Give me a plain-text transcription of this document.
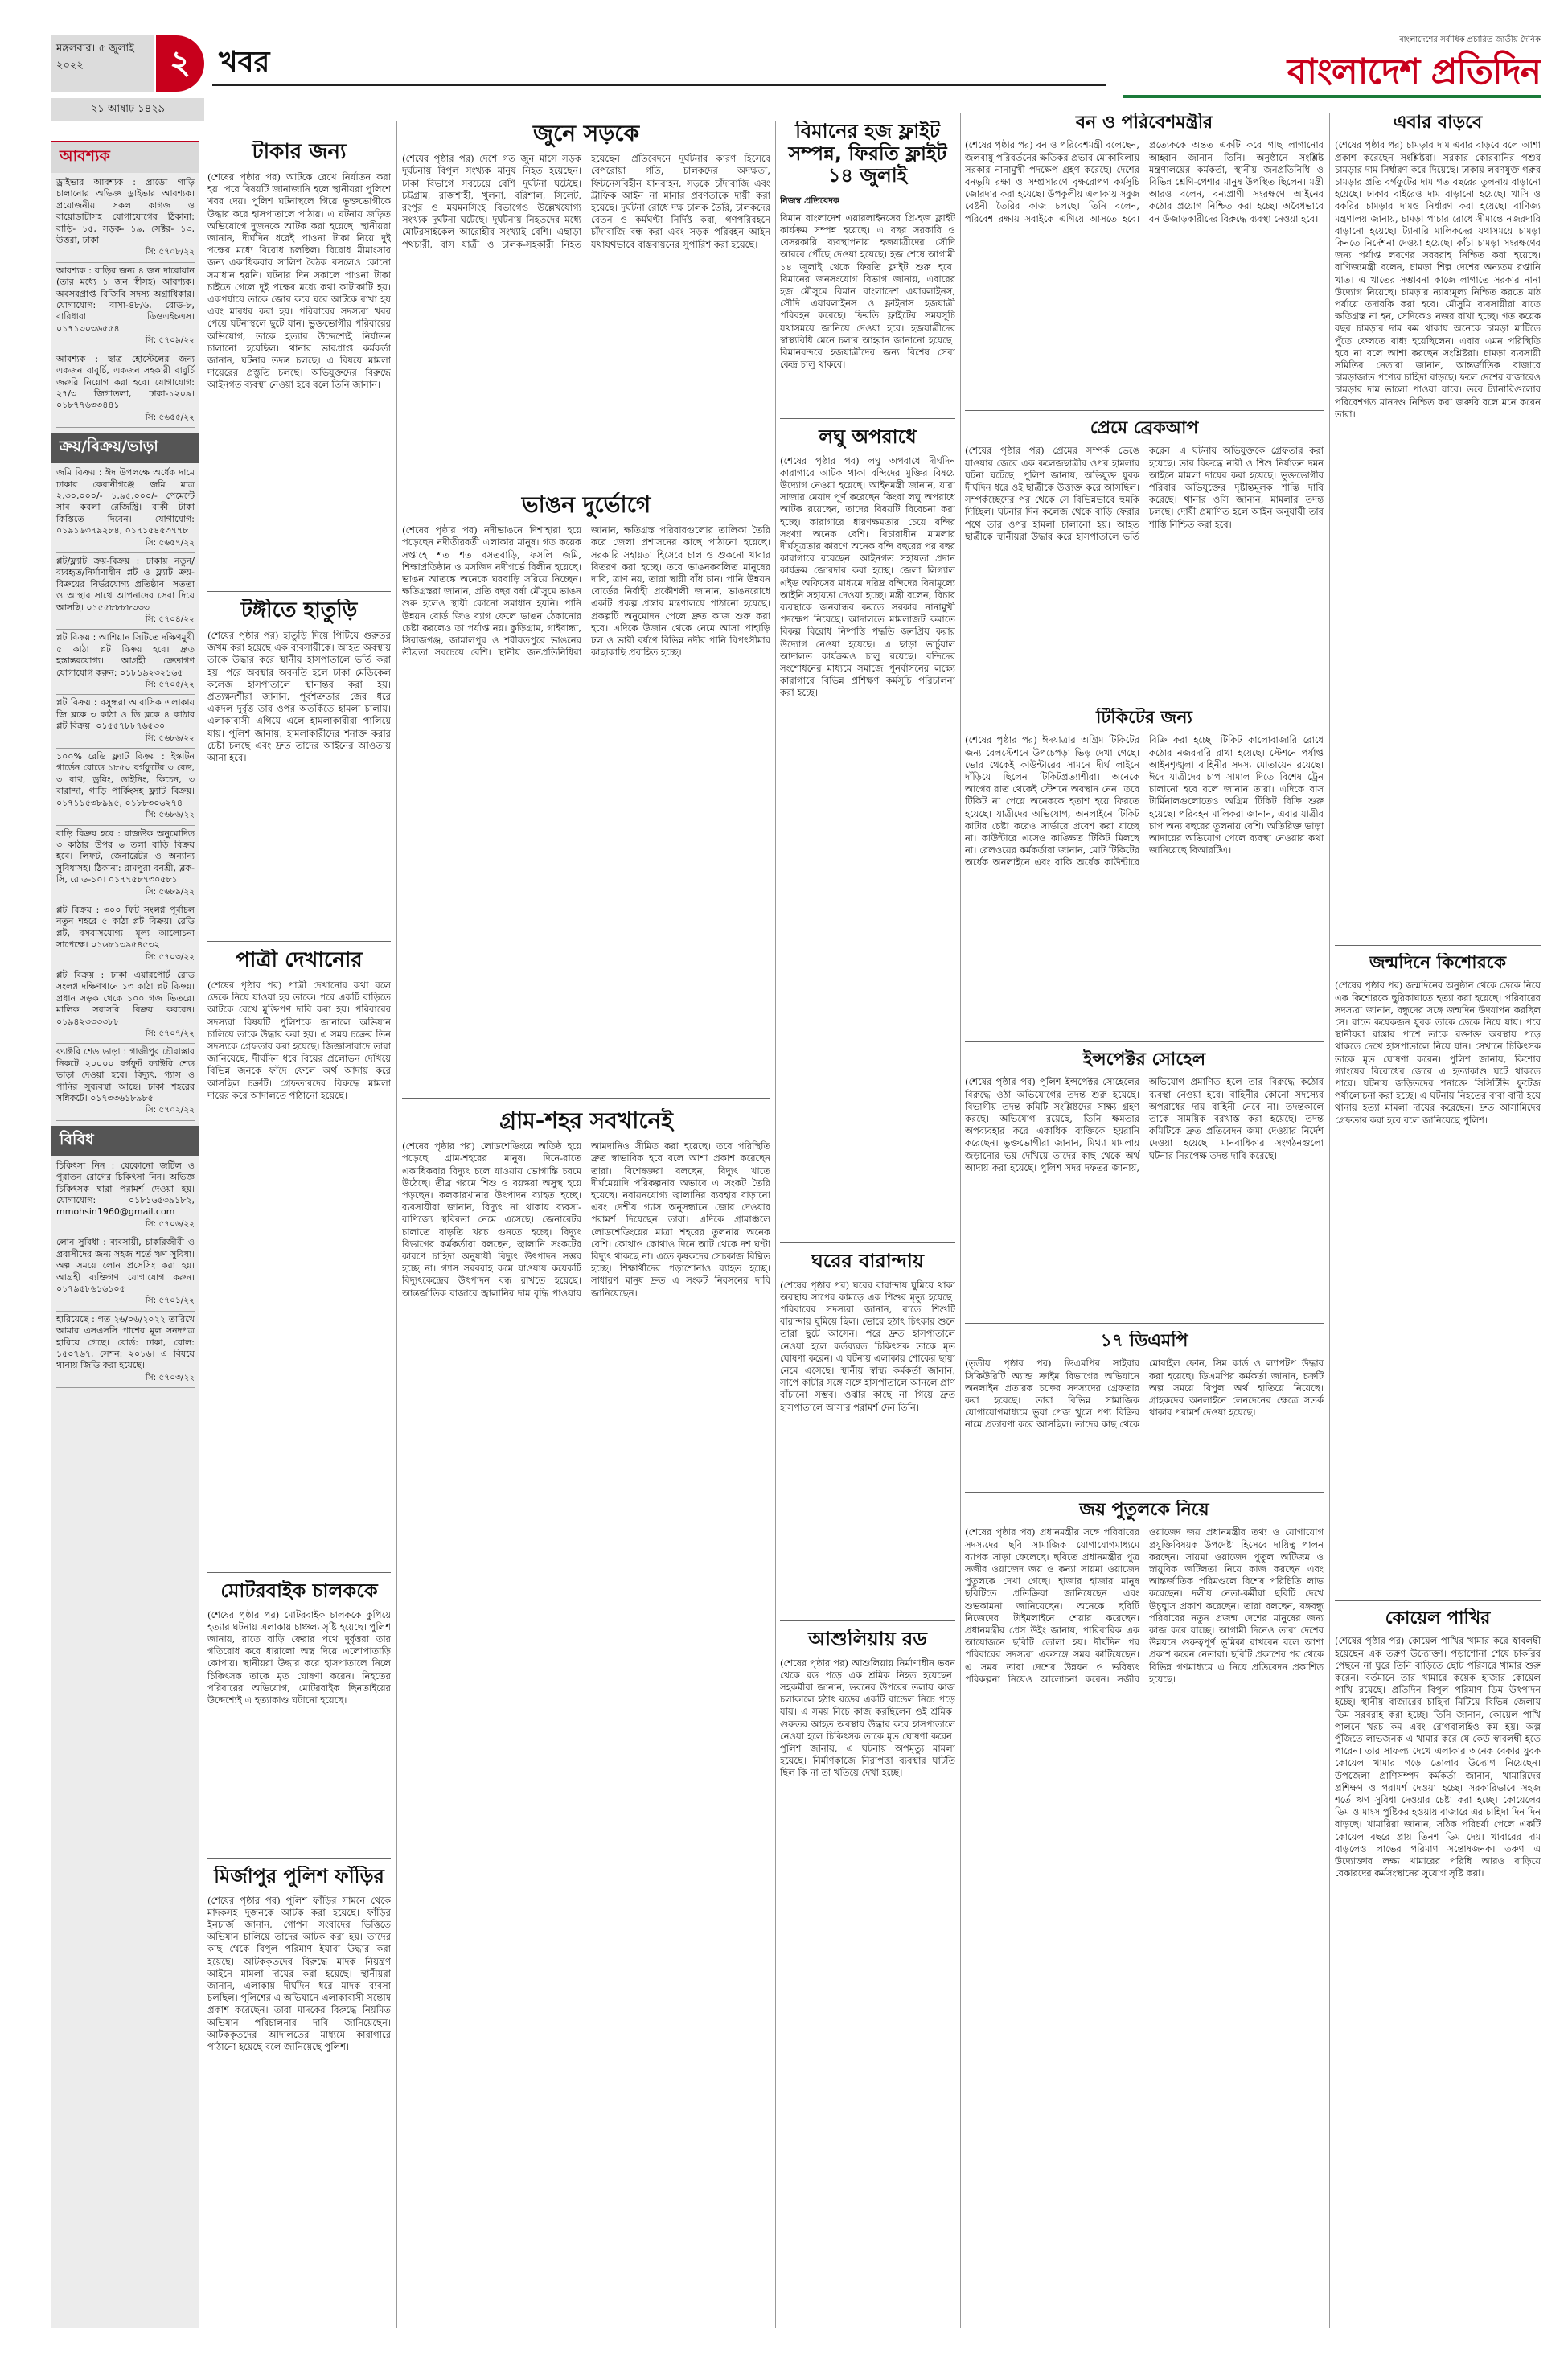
মঙ্গলবার। ৫ জুলাই ২০২২	২ খবর
২১ আষাঢ় ১৪২৯
বাংলাদেশের সর্বাধিক প্রচারিত জাতীয় দৈনিক
বাংলাদেশ প্রতিদিন
আবশ্যক

ড্রাইভার আবশ্যক : প্রাডো গাড়ি চালানোর অভিজ্ঞ ড্রাইভার আবশ্যক। প্রয়োজনীয় সকল কাগজ ও বায়োডাটাসহ যোগাযোগের ঠিকানা: বাড়ি- ১৫, সড়ক- ১৯, সেক্টর- ১৩, উত্তরা, ঢাকা।
সি: ৫৭০৮/২২

আবশ্যক : বাড়ির জন্য ৪ জন দারোয়ান (তার মধ্যে ১ জন স্বীসহ) আবশ্যক। অবসরপ্রাপ্ত বিজিবি সদস্য অগ্রাধিকার। যোগাযোগ: বাসা-৪৮/৬, রোড-৮, বারিধারা ডিওএইচএস। ০১৭১৩০৩৬৫৫৪
সি: ৫৭০৯/২২

আবশ্যক : ছাত্র হোস্টেলের জন্য একজন বাবুর্চি, একজন সহকারী বাবুর্চি জরুরি নিয়োগ করা হবে। যোগাযোগ: ২৭/৩ জিগাতলা, ঢাকা-১২০৯। ০১৮৭৭৬৩৩৪৪১
সি: ৫৬৫৫/২২

ক্রয়/বিক্রয়/ভাড়া

জমি বিক্রয় : ঈদ উপলক্ষে অর্ধেক দামে ঢাকার কেরানীগঞ্জে জমি মাত্র ২,৩০,০০০/- ১,৯৫,০০০/- পেমেন্টে সাব কবলা রেজিস্ট্রি। বাকী টাকা কিস্তিতে দিবেন। যোগাযোগ: ০১৯১৬৩৭৯২৮৪, ০১৭১৫৪৫৩৭৭৮
সি: ৫৬৫৭/২২

প্লট/ফ্ল্যাট ক্রয়-বিক্রয় : ঢাকায় নতুন/ব্যবহৃত/নির্মাণাধীন প্লট ও ফ্ল্যাট ক্রয়-বিক্রয়ের নির্ভরযোগ্য প্রতিষ্ঠান। সততা ও আস্থার সাথে আপনাদের সেবা দিয়ে আসছি। ০১৫৫৮৮৮৮৩৩৩
সি: ৫৭০৪/২২

প্লট বিক্রয় : আশিয়ান সিটিতে দক্ষিণমুখী ৫ কাঠা প্লট বিক্রয় হবে। দ্রুত হস্তান্তরযোগ্য। আগ্রহী ক্রেতাগণ যোগাযোগ করুন: ০১৮১৯২৩২১৬৫
সি: ৫৭০৫/২২

প্লট বিক্রয় : বসুন্ধরা আবাসিক এলাকায় জি ব্লকে ৩ কাঠা ও ডি ব্লকে ৪ কাঠার প্লট বিক্রয়। ০১৫৫৭৮৮৭৬৫৩০
সি: ৫৬৮৬/২২

১০০% রেডি ফ্ল্যাট বিক্রয় : ইস্কাটন গার্ডেন রোডে ১৮৫০ বর্গফুটের ৩ বেড, ৩ বাথ, ড্রয়িং, ডাইনিং, কিচেন, ৩ বারান্দা, গাড়ি পার্কিংসহ ফ্ল্যাট বিক্রয়। ০১৭১১৫৩৮৯৯৫, ০১৮৮৩০৬২৭৪
সি: ৫৬৮৬/২২

বাড়ি বিক্রয় হবে : রাজউক অনুমোদিত ৩ কাঠার উপর ৬ তলা বাড়ি বিক্রয় হবে। লিফট, জেনারেটর ও অন্যান্য সুবিধাসহ। ঠিকানা: রামপুরা বনশ্রী, ব্লক-সি, রোড-১০। ০১৭৭৫৮৭৩০৫৮১
সি: ৫৬৮৯/২২

প্লট বিক্রয় : ৩০০ ফিট সংলগ্ন পূর্বাচল নতুন শহরে ৫ কাঠা প্লট বিক্রয়। রেডি প্লট, বসবাসযোগ্য। মূল্য আলোচনা সাপেক্ষে। ০১৬৮১৩৯৫৪৫৩২
সি: ৫৭০৩/২২

প্লট বিক্রয় : ঢাকা এয়ারপোর্ট রোড সংলগ্ন দক্ষিণখানে ১৩ কাঠা প্লট বিক্রয়। প্রধান সড়ক থেকে ১০০ গজ ভিতরে। মালিক সরাসরি বিক্রয় করবেন। ০১৯৪২৩৩৩৩৮৮
সি: ৫৭০৭/২২

ফ্যাক্টরি শেড ভাড়া : গাজীপুর চৌরাস্তার নিকটে ২০০০০ বর্গফুট ফ্যাক্টরি শেড ভাড়া দেওয়া হবে। বিদ্যুৎ, গ্যাস ও পানির সুব্যবস্থা আছে। ঢাকা শহরের সন্নিকটে। ০১৭৩৩৬১৮৯৮৫
সি: ৫৭০২/২২

বিবিধ

চিকিৎসা নিন : যেকোনো জটিল ও পুরাতন রোগের চিকিৎসা নিন। অভিজ্ঞ চিকিৎসক দ্বারা পরামর্শ দেওয়া হয়। যোগাযোগ: ০১৮১৬৫৩৯১৮২, mmohsin1960@gmail.com
সি: ৫৭০৬/২২

লোন সুবিধা : ব্যবসায়ী, চাকরিজীবী ও প্রবাসীদের জন্য সহজ শর্তে ঋণ সুবিধা। অল্প সময়ে লোন প্রসেসিং করা হয়। আগ্রহী ব্যক্তিগণ যোগাযোগ করুন। ০১৭৯৫৮৬১৬১০৫
সি: ৫৭০১/২২

হারিয়েছে : গত ২৬/০৬/২০২২ তারিখে আমার এসএসসি পাশের মূল সনদপত্র হারিয়ে গেছে। বোর্ড: ঢাকা, রোল: ১৫০৭৬৭, সেশন: ২০১৬। এ বিষয়ে থানায় জিডি করা হয়েছে।
সি: ৫৭০৩/২২

টাকার জন্য

(শেষের পৃষ্ঠার পর) আটকে রেখে নির্যাতন করা হয়। পরে বিষয়টি জানাজানি হলে স্থানীয়রা পুলিশে খবর দেয়। পুলিশ ঘটনাস্থলে গিয়ে ভুক্তভোগীকে উদ্ধার করে হাসপাতালে পাঠায়। এ ঘটনায় জড়িত অভিযোগে দুজনকে আটক করা হয়েছে। স্থানীয়রা জানান, দীর্ঘদিন ধরেই পাওনা টাকা নিয়ে দুই পক্ষের মধ্যে বিরোধ চলছিল। বিরোধ মীমাংসার জন্য একাধিকবার সালিশ বৈঠক বসলেও কোনো সমাধান হয়নি। ঘটনার দিন সকালে পাওনা টাকা চাইতে গেলে দুই পক্ষের মধ্যে কথা কাটাকাটি হয়। একপর্যায়ে তাকে জোর করে ঘরে আটকে রাখা হয় এবং মারধর করা হয়। পরিবারের সদস্যরা খবর পেয়ে ঘটনাস্থলে ছুটে যান। ভুক্তভোগীর পরিবারের অভিযোগ, তাকে হত্যার উদ্দেশ্যেই নির্যাতন চালানো হয়েছিল। থানার ভারপ্রাপ্ত কর্মকর্তা জানান, ঘটনার তদন্ত চলছে। এ বিষয়ে মামলা দায়েরের প্রস্তুতি চলছে। অভিযুক্তদের বিরুদ্ধে আইনগত ব্যবস্থা নেওয়া হবে বলে তিনি জানান।

টঙ্গীতে হাতুড়ি

(শেষের পৃষ্ঠার পর) হাতুড়ি দিয়ে পিটিয়ে গুরুতর জখম করা হয়েছে এক ব্যবসায়ীকে। আহত অবস্থায় তাকে উদ্ধার করে স্থানীয় হাসপাতালে ভর্তি করা হয়। পরে অবস্থার অবনতি হলে ঢাকা মেডিকেল কলেজ হাসপাতালে স্থানান্তর করা হয়। প্রত্যক্ষদর্শীরা জানান, পূর্বশত্রুতার জের ধরে একদল দুর্বৃত্ত তার ওপর অতর্কিতে হামলা চালায়। এলাকাবাসী এগিয়ে এলে হামলাকারীরা পালিয়ে যায়। পুলিশ জানায়, হামলাকারীদের শনাক্ত করার চেষ্টা চলছে এবং দ্রুত তাদের আইনের আওতায় আনা হবে।

পাত্রী দেখানোর

(শেষের পৃষ্ঠার পর) পাত্রী দেখানোর কথা বলে ডেকে নিয়ে যাওয়া হয় তাকে। পরে একটি বাড়িতে আটকে রেখে মুক্তিপণ দাবি করা হয়। পরিবারের সদস্যরা বিষয়টি পুলিশকে জানালে অভিযান চালিয়ে তাকে উদ্ধার করা হয়। এ সময় চক্রের তিন সদস্যকে গ্রেফতার করা হয়েছে। জিজ্ঞাসাবাদে তারা জানিয়েছে, দীর্ঘদিন ধরে বিয়ের প্রলোভন দেখিয়ে বিভিন্ন জনকে ফাঁদে ফেলে অর্থ আদায় করে আসছিল চক্রটি। গ্রেফতারদের বিরুদ্ধে মামলা দায়ের করে আদালতে পাঠানো হয়েছে।

মোটরবাইক চালককে

(শেষের পৃষ্ঠার পর) মোটরবাইক চালককে কুপিয়ে হত্যার ঘটনায় এলাকায় চাঞ্চল্য সৃষ্টি হয়েছে। পুলিশ জানায়, রাতে বাড়ি ফেরার পথে দুর্বৃত্তরা তার গতিরোধ করে ধারালো অস্ত্র দিয়ে এলোপাতাড়ি কোপায়। স্থানীয়রা উদ্ধার করে হাসপাতালে নিলে চিকিৎসক তাকে মৃত ঘোষণা করেন। নিহতের পরিবারের অভিযোগ, মোটরবাইক ছিনতাইয়ের উদ্দেশ্যেই এ হত্যাকাণ্ড ঘটানো হয়েছে।

মির্জাপুর পুলিশ ফাঁড়ির

(শেষের পৃষ্ঠার পর) পুলিশ ফাঁড়ির সামনে থেকে মাদকসহ দুজনকে আটক করা হয়েছে। ফাঁড়ির ইনচার্জ জানান, গোপন সংবাদের ভিত্তিতে অভিযান চালিয়ে তাদের আটক করা হয়। তাদের কাছ থেকে বিপুল পরিমাণ ইয়াবা উদ্ধার করা হয়েছে। আটককৃতদের বিরুদ্ধে মাদক নিয়ন্ত্রণ আইনে মামলা দায়ের করা হয়েছে। স্থানীয়রা জানান, এলাকায় দীর্ঘদিন ধরে মাদক ব্যবসা চলছিল। পুলিশের এ অভিযানে এলাকাবাসী সন্তোষ প্রকাশ করেছেন। তারা মাদকের বিরুদ্ধে নিয়মিত অভিযান পরিচালনার দাবি জানিয়েছেন। আটককৃতদের আদালতের মাধ্যমে কারাগারে পাঠানো হয়েছে বলে জানিয়েছে পুলিশ।

জুনে সড়কে

(শেষের পৃষ্ঠার পর) দেশে গত জুন মাসে সড়ক দুর্ঘটনায় বিপুল সংখ্যক মানুষ নিহত হয়েছেন। ঢাকা বিভাগে সবচেয়ে বেশি দুর্ঘটনা ঘটেছে। চট্টগ্রাম, রাজশাহী, খুলনা, বরিশাল, সিলেট, রংপুর ও ময়মনসিংহ বিভাগেও উল্লেখযোগ্য সংখ্যক দুর্ঘটনা ঘটেছে। দুর্ঘটনায় নিহতদের মধ্যে মোটরসাইকেল আরোহীর সংখ্যাই বেশি। এছাড়া পথচারী, বাস যাত্রী ও চালক-সহকারী নিহত হয়েছেন। প্রতিবেদনে দুর্ঘটনার কারণ হিসেবে বেপরোয়া গতি, চালকদের অদক্ষতা, ফিটনেসবিহীন যানবাহন, সড়কে চাঁদাবাজি এবং ট্রাফিক আইন না মানার প্রবণতাকে দায়ী করা হয়েছে। দুর্ঘটনা রোধে দক্ষ চালক তৈরি, চালকদের বেতন ও কর্মঘণ্টা নির্দিষ্ট করা, গণপরিবহনে চাঁদাবাজি বন্ধ করা এবং সড়ক পরিবহন আইন যথাযথভাবে বাস্তবায়নের সুপারিশ করা হয়েছে।

ভাঙন দুর্ভোগে

(শেষের পৃষ্ঠার পর) নদীভাঙনে দিশাহারা হয়ে পড়েছেন নদীতীরবর্তী এলাকার মানুষ। গত কয়েক সপ্তাহে শত শত বসতবাড়ি, ফসলি জমি, শিক্ষাপ্রতিষ্ঠান ও মসজিদ নদীগর্ভে বিলীন হয়েছে। ভাঙন আতঙ্কে অনেকে ঘরবাড়ি সরিয়ে নিচ্ছেন। ক্ষতিগ্রস্তরা জানান, প্রতি বছর বর্ষা মৌসুমে ভাঙন শুরু হলেও স্থায়ী কোনো সমাধান হয়নি। পানি উন্নয়ন বোর্ড জিও ব্যাগ ফেলে ভাঙন ঠেকানোর চেষ্টা করলেও তা পর্যাপ্ত নয়। কুড়িগ্রাম, গাইবান্ধা, সিরাজগঞ্জ, জামালপুর ও শরীয়তপুরে ভাঙনের তীব্রতা সবচেয়ে বেশি। স্থানীয় জনপ্রতিনিধিরা জানান, ক্ষতিগ্রস্ত পরিবারগুলোর তালিকা তৈরি করে জেলা প্রশাসনের কাছে পাঠানো হয়েছে। সরকারি সহায়তা হিসেবে চাল ও শুকনো খাবার বিতরণ করা হচ্ছে। তবে ভাঙনকবলিত মানুষের দাবি, ত্রাণ নয়, তারা স্থায়ী বাঁধ চান। পানি উন্নয়ন বোর্ডের নির্বাহী প্রকৌশলী জানান, ভাঙনরোধে একটি প্রকল্প প্রস্তাব মন্ত্রণালয়ে পাঠানো হয়েছে। প্রকল্পটি অনুমোদন পেলে দ্রুত কাজ শুরু করা হবে। এদিকে উজান থেকে নেমে আসা পাহাড়ি ঢল ও ভারী বর্ষণে বিভিন্ন নদীর পানি বিপৎসীমার কাছাকাছি প্রবাহিত হচ্ছে।

গ্রাম-শহর সবখানেই

(শেষের পৃষ্ঠার পর) লোডশেডিংয়ে অতিষ্ঠ হয়ে পড়েছে গ্রাম-শহরের মানুষ। দিনে-রাতে একাধিকবার বিদ্যুৎ চলে যাওয়ায় ভোগান্তি চরমে উঠেছে। তীব্র গরমে শিশু ও বয়স্করা অসুস্থ হয়ে পড়ছেন। কলকারখানার উৎপাদন ব্যাহত হচ্ছে। ব্যবসায়ীরা জানান, বিদ্যুৎ না থাকায় ব্যবসা-বাণিজ্যে স্থবিরতা নেমে এসেছে। জেনারেটর চালাতে বাড়তি খরচ গুনতে হচ্ছে। বিদ্যুৎ বিভাগের কর্মকর্তারা বলছেন, জ্বালানি সংকটের কারণে চাহিদা অনুযায়ী বিদ্যুৎ উৎপাদন সম্ভব হচ্ছে না। গ্যাস সরবরাহ কমে যাওয়ায় কয়েকটি বিদ্যুৎকেন্দ্রের উৎপাদন বন্ধ রাখতে হয়েছে। আন্তর্জাতিক বাজারে জ্বালানির দাম বৃদ্ধি পাওয়ায় আমদানিও সীমিত করা হয়েছে। তবে পরিস্থিতি দ্রুত স্বাভাবিক হবে বলে আশা প্রকাশ করেছেন তারা। বিশেষজ্ঞরা বলছেন, বিদ্যুৎ খাতে দীর্ঘমেয়াদি পরিকল্পনার অভাবে এ সংকট তৈরি হয়েছে। নবায়নযোগ্য জ্বালানির ব্যবহার বাড়ানো এবং দেশীয় গ্যাস অনুসন্ধানে জোর দেওয়ার পরামর্শ দিয়েছেন তারা। এদিকে গ্রামাঞ্চলে লোডশেডিংয়ের মাত্রা শহরের তুলনায় অনেক বেশি। কোথাও কোথাও দিনে আট থেকে দশ ঘণ্টা বিদ্যুৎ থাকছে না। এতে কৃষকদের সেচকাজ বিঘ্নিত হচ্ছে। শিক্ষার্থীদের পড়াশোনাও ব্যাহত হচ্ছে। সাধারণ মানুষ দ্রুত এ সংকট নিরসনের দাবি জানিয়েছেন।

বিমানের হজ ফ্লাইট সম্পন্ন, ফিরতি ফ্লাইট ১৪ জুলাই
নিজস্ব প্রতিবেদক

বিমান বাংলাদেশ এয়ারলাইনসের প্রি-হজ ফ্লাইট কার্যক্রম সম্পন্ন হয়েছে। এ বছর সরকারি ও বেসরকারি ব্যবস্থাপনায় হজযাত্রীদের সৌদি আরবে পৌঁছে দেওয়া হয়েছে। হজ শেষে আগামী ১৪ জুলাই থেকে ফিরতি ফ্লাইট শুরু হবে। বিমানের জনসংযোগ বিভাগ জানায়, এবারের হজ মৌসুমে বিমান বাংলাদেশ এয়ারলাইনস, সৌদি এয়ারলাইনস ও ফ্লাইনাস হজযাত্রী পরিবহন করেছে। ফিরতি ফ্লাইটের সময়সূচি যথাসময়ে জানিয়ে দেওয়া হবে। হজযাত্রীদের স্বাস্থ্যবিধি মেনে চলার আহ্বান জানানো হয়েছে। বিমানবন্দরে হজযাত্রীদের জন্য বিশেষ সেবা কেন্দ্র চালু থাকবে।

লঘু অপরাধে

(শেষের পৃষ্ঠার পর) লঘু অপরাধে দীর্ঘদিন কারাগারে আটক থাকা বন্দিদের মুক্তির বিষয়ে উদ্যোগ নেওয়া হয়েছে। আইনমন্ত্রী জানান, যারা সাজার মেয়াদ পূর্ণ করেছেন কিংবা লঘু অপরাধে আটক রয়েছেন, তাদের বিষয়টি বিবেচনা করা হচ্ছে। কারাগারে ধারণক্ষমতার চেয়ে বন্দির সংখ্যা অনেক বেশি। বিচারাধীন মামলার দীর্ঘসূত্রতার কারণে অনেক বন্দি বছরের পর বছর কারাগারে রয়েছেন। আইনগত সহায়তা প্রদান কার্যক্রম জোরদার করা হচ্ছে। জেলা লিগ্যাল এইড অফিসের মাধ্যমে দরিদ্র বন্দিদের বিনামূল্যে আইনি সহায়তা দেওয়া হচ্ছে। মন্ত্রী বলেন, বিচার ব্যবস্থাকে জনবান্ধব করতে সরকার নানামুখী পদক্ষেপ নিয়েছে। আদালতে মামলাজট কমাতে বিকল্প বিরোধ নিষ্পত্তি পদ্ধতি জনপ্রিয় করার উদ্যোগ নেওয়া হয়েছে। এ ছাড়া ভার্চুয়াল আদালত কার্যক্রমও চালু রয়েছে। বন্দিদের সংশোধনের মাধ্যমে সমাজে পুনর্বাসনের লক্ষ্যে কারাগারে বিভিন্ন প্রশিক্ষণ কর্মসূচি পরিচালনা করা হচ্ছে।

ঘরের বারান্দায়

(শেষের পৃষ্ঠার পর) ঘরের বারান্দায় ঘুমিয়ে থাকা অবস্থায় সাপের কামড়ে এক শিশুর মৃত্যু হয়েছে। পরিবারের সদস্যরা জানান, রাতে শিশুটি বারান্দায় ঘুমিয়ে ছিল। ভোরে হঠাৎ চিৎকার শুনে তারা ছুটে আসেন। পরে দ্রুত হাসপাতালে নেওয়া হলে কর্তব্যরত চিকিৎসক তাকে মৃত ঘোষণা করেন। এ ঘটনায় এলাকায় শোকের ছায়া নেমে এসেছে। স্থানীয় স্বাস্থ্য কর্মকর্তা জানান, সাপে কাটার সঙ্গে সঙ্গে হাসপাতালে আনলে প্রাণ বাঁচানো সম্ভব। ওঝার কাছে না গিয়ে দ্রুত হাসপাতালে আসার পরামর্শ দেন তিনি।

আশুলিয়ায় রড

(শেষের পৃষ্ঠার পর) আশুলিয়ায় নির্মাণাধীন ভবন থেকে রড পড়ে এক শ্রমিক নিহত হয়েছেন। সহকর্মীরা জানান, ভবনের উপরের তলায় কাজ চলাকালে হঠাৎ রডের একটি বান্ডেল নিচে পড়ে যায়। এ সময় নিচে কাজ করছিলেন ওই শ্রমিক। গুরুতর আহত অবস্থায় উদ্ধার করে হাসপাতালে নেওয়া হলে চিকিৎসক তাকে মৃত ঘোষণা করেন। পুলিশ জানায়, এ ঘটনায় অপমৃত্যু মামলা হয়েছে। নির্মাণকাজে নিরাপত্তা ব্যবস্থার ঘাটতি ছিল কি না তা খতিয়ে দেখা হচ্ছে।

বন ও পরিবেশমন্ত্রীর

(শেষের পৃষ্ঠার পর) বন ও পরিবেশমন্ত্রী বলেছেন, জলবায়ু পরিবর্তনের ক্ষতিকর প্রভাব মোকাবিলায় সরকার নানামুখী পদক্ষেপ গ্রহণ করেছে। দেশের বনভূমি রক্ষা ও সম্প্রসারণে বৃক্ষরোপণ কর্মসূচি জোরদার করা হয়েছে। উপকূলীয় এলাকায় সবুজ বেষ্টনী তৈরির কাজ চলছে। তিনি বলেন, পরিবেশ রক্ষায় সবাইকে এগিয়ে আসতে হবে। প্রত্যেককে অন্তত একটি করে গাছ লাগানোর আহ্বান জানান তিনি। অনুষ্ঠানে সংশ্লিষ্ট মন্ত্রণালয়ের কর্মকর্তা, স্থানীয় জনপ্রতিনিধি ও বিভিন্ন শ্রেণি-পেশার মানুষ উপস্থিত ছিলেন। মন্ত্রী আরও বলেন, বন্যপ্রাণী সংরক্ষণে আইনের কঠোর প্রয়োগ নিশ্চিত করা হচ্ছে। অবৈধভাবে বন উজাড়কারীদের বিরুদ্ধে ব্যবস্থা নেওয়া হবে।

প্রেমে ব্রেকআপ

(শেষের পৃষ্ঠার পর) প্রেমের সম্পর্ক ভেঙে যাওয়ার জেরে এক কলেজছাত্রীর ওপর হামলার ঘটনা ঘটেছে। পুলিশ জানায়, অভিযুক্ত যুবক দীর্ঘদিন ধরে ওই ছাত্রীকে উত্ত্যক্ত করে আসছিল। সম্পর্কচ্ছেদের পর থেকে সে বিভিন্নভাবে হুমকি দিচ্ছিল। ঘটনার দিন কলেজ থেকে বাড়ি ফেরার পথে তার ওপর হামলা চালানো হয়। আহত ছাত্রীকে স্থানীয়রা উদ্ধার করে হাসপাতালে ভর্তি করেন। এ ঘটনায় অভিযুক্তকে গ্রেফতার করা হয়েছে। তার বিরুদ্ধে নারী ও শিশু নির্যাতন দমন আইনে মামলা দায়ের করা হয়েছে। ভুক্তভোগীর পরিবার অভিযুক্তের দৃষ্টান্তমূলক শাস্তি দাবি করেছে। থানার ওসি জানান, মামলার তদন্ত চলছে। দোষী প্রমাণিত হলে আইন অনুযায়ী তার শাস্তি নিশ্চিত করা হবে।

টিকিটের জন্য

(শেষের পৃষ্ঠার পর) ঈদযাত্রার অগ্রিম টিকিটের জন্য রেলস্টেশনে উপচেপড়া ভিড় দেখা গেছে। ভোর থেকেই কাউন্টারের সামনে দীর্ঘ লাইনে দাঁড়িয়ে ছিলেন টিকিটপ্রত্যাশীরা। অনেকে আগের রাত থেকেই স্টেশনে অবস্থান নেন। তবে টিকিট না পেয়ে অনেককে হতাশ হয়ে ফিরতে হয়েছে। যাত্রীদের অভিযোগ, অনলাইনে টিকিট কাটার চেষ্টা করেও সার্ভারে প্রবেশ করা যাচ্ছে না। কাউন্টারে এসেও কাঙ্ক্ষিত টিকিট মিলছে না। রেলওয়ের কর্মকর্তারা জানান, মোট টিকিটের অর্ধেক অনলাইনে এবং বাকি অর্ধেক কাউন্টারে বিক্রি করা হচ্ছে। টিকিট কালোবাজারি রোধে কঠোর নজরদারি রাখা হয়েছে। স্টেশনে পর্যাপ্ত আইনশৃঙ্খলা বাহিনীর সদস্য মোতায়েন রয়েছে। ঈদে যাত্রীদের চাপ সামাল দিতে বিশেষ ট্রেন চালানো হবে বলে জানান তারা। এদিকে বাস টার্মিনালগুলোতেও অগ্রিম টিকিট বিক্রি শুরু হয়েছে। পরিবহন মালিকরা জানান, এবার যাত্রীর চাপ অন্য বছরের তুলনায় বেশি। অতিরিক্ত ভাড়া আদায়ের অভিযোগ পেলে ব্যবস্থা নেওয়ার কথা জানিয়েছে বিআরটিএ।

ইন্সপেক্টর সোহেল

(শেষের পৃষ্ঠার পর) পুলিশ ইন্সপেক্টর সোহেলের বিরুদ্ধে ওঠা অভিযোগের তদন্ত শুরু হয়েছে। বিভাগীয় তদন্ত কমিটি সংশ্লিষ্টদের সাক্ষ্য গ্রহণ করছে। অভিযোগ রয়েছে, তিনি ক্ষমতার অপব্যবহার করে একাধিক ব্যক্তিকে হয়রানি করেছেন। ভুক্তভোগীরা জানান, মিথ্যা মামলায় জড়ানোর ভয় দেখিয়ে তাদের কাছ থেকে অর্থ আদায় করা হয়েছে। পুলিশ সদর দফতর জানায়, অভিযোগ প্রমাণিত হলে তার বিরুদ্ধে কঠোর ব্যবস্থা নেওয়া হবে। বাহিনীর কোনো সদস্যের অপরাধের দায় বাহিনী নেবে না। তদন্তকালে তাকে সাময়িক বরখাস্ত করা হয়েছে। তদন্ত কমিটিকে দ্রুত প্রতিবেদন জমা দেওয়ার নির্দেশ দেওয়া হয়েছে। মানবাধিকার সংগঠনগুলো ঘটনার নিরপেক্ষ তদন্ত দাবি করেছে।

১৭ ডিএমপি

(তৃতীয় পৃষ্ঠার পর) ডিএমপির সাইবার সিকিউরিটি অ্যান্ড ক্রাইম বিভাগের অভিযানে অনলাইন প্রতারক চক্রের সদস্যদের গ্রেফতার করা হয়েছে। তারা বিভিন্ন সামাজিক যোগাযোগমাধ্যমে ভুয়া পেজ খুলে পণ্য বিক্রির নামে প্রতারণা করে আসছিল। তাদের কাছ থেকে মোবাইল ফোন, সিম কার্ড ও ল্যাপটপ উদ্ধার করা হয়েছে। ডিএমপির কর্মকর্তা জানান, চক্রটি অল্প সময়ে বিপুল অর্থ হাতিয়ে নিয়েছে। গ্রাহকদের অনলাইনে লেনদেনের ক্ষেত্রে সতর্ক থাকার পরামর্শ দেওয়া হয়েছে।

জয় পুতুলকে নিয়ে

(শেষের পৃষ্ঠার পর) প্রধানমন্ত্রীর সঙ্গে পরিবারের সদস্যদের ছবি সামাজিক যোগাযোগমাধ্যমে ব্যাপক সাড়া ফেলেছে। ছবিতে প্রধানমন্ত্রীর পুত্র সজীব ওয়াজেদ জয় ও কন্যা সায়মা ওয়াজেদ পুতুলকে দেখা গেছে। হাজার হাজার মানুষ ছবিটিতে প্রতিক্রিয়া জানিয়েছেন এবং শুভকামনা জানিয়েছেন। অনেকে ছবিটি নিজেদের টাইমলাইনে শেয়ার করেছেন। প্রধানমন্ত্রীর প্রেস উইং জানায়, পারিবারিক এক আয়োজনে ছবিটি তোলা হয়। দীর্ঘদিন পর পরিবারের সদস্যরা একসঙ্গে সময় কাটিয়েছেন। এ সময় তারা দেশের উন্নয়ন ও ভবিষ্যৎ পরিকল্পনা নিয়েও আলোচনা করেন। সজীব ওয়াজেদ জয় প্রধানমন্ত্রীর তথ্য ও যোগাযোগ প্রযুক্তিবিষয়ক উপদেষ্টা হিসেবে দায়িত্ব পালন করছেন। সায়মা ওয়াজেদ পুতুল অটিজম ও স্নায়ুবিক জটিলতা নিয়ে কাজ করছেন এবং আন্তর্জাতিক পরিমণ্ডলে বিশেষ পরিচিতি লাভ করেছেন। দলীয় নেতা-কর্মীরা ছবিটি দেখে উচ্ছ্বাস প্রকাশ করেছেন। তারা বলছেন, বঙ্গবন্ধু পরিবারের নতুন প্রজন্ম দেশের মানুষের জন্য কাজ করে যাচ্ছে। আগামী দিনেও তারা দেশের উন্নয়নে গুরুত্বপূর্ণ ভূমিকা রাখবেন বলে আশা প্রকাশ করেন নেতারা। ছবিটি প্রকাশের পর থেকে বিভিন্ন গণমাধ্যমে এ নিয়ে প্রতিবেদন প্রকাশিত হয়েছে।

এবার বাড়বে

(শেষের পৃষ্ঠার পর) চামড়ার দাম এবার বাড়বে বলে আশা প্রকাশ করেছেন সংশ্লিষ্টরা। সরকার কোরবানির পশুর চামড়ার দাম নির্ধারণ করে দিয়েছে। ঢাকায় লবণযুক্ত গরুর চামড়ার প্রতি বর্গফুটের দাম গত বছরের তুলনায় বাড়ানো হয়েছে। ঢাকার বাইরেও দাম বাড়ানো হয়েছে। খাসি ও বকরির চামড়ার দামও নির্ধারণ করা হয়েছে। বাণিজ্য মন্ত্রণালয় জানায়, চামড়া পাচার রোধে সীমান্তে নজরদারি বাড়ানো হয়েছে। ট্যানারি মালিকদের যথাসময়ে চামড়া কিনতে নির্দেশনা দেওয়া হয়েছে। কাঁচা চামড়া সংরক্ষণের জন্য পর্যাপ্ত লবণের সরবরাহ নিশ্চিত করা হয়েছে। বাণিজ্যমন্ত্রী বলেন, চামড়া শিল্প দেশের অন্যতম রপ্তানি খাত। এ খাতের সম্ভাবনা কাজে লাগাতে সরকার নানা উদ্যোগ নিয়েছে। চামড়ার ন্যায্যমূল্য নিশ্চিত করতে মাঠ পর্যায়ে তদারকি করা হবে। মৌসুমি ব্যবসায়ীরা যাতে ক্ষতিগ্রস্ত না হন, সেদিকেও নজর রাখা হচ্ছে। গত কয়েক বছর চামড়ার দাম কম থাকায় অনেকে চামড়া মাটিতে পুঁতে ফেলতে বাধ্য হয়েছিলেন। এবার এমন পরিস্থিতি হবে না বলে আশা করছেন সংশ্লিষ্টরা। চামড়া ব্যবসায়ী সমিতির নেতারা জানান, আন্তর্জাতিক বাজারে চামড়াজাত পণ্যের চাহিদা বাড়ছে। ফলে দেশের বাজারেও চামড়ার দাম ভালো পাওয়া যাবে। তবে ট্যানারিগুলোর পরিবেশগত মানদণ্ড নিশ্চিত করা জরুরি বলে মনে করেন তারা।

জন্মদিনে কিশোরকে

(শেষের পৃষ্ঠার পর) জন্মদিনের অনুষ্ঠান থেকে ডেকে নিয়ে এক কিশোরকে ছুরিকাঘাতে হত্যা করা হয়েছে। পরিবারের সদস্যরা জানান, বন্ধুদের সঙ্গে জন্মদিন উদযাপন করছিল সে। রাতে কয়েকজন যুবক তাকে ডেকে নিয়ে যায়। পরে স্থানীয়রা রাস্তার পাশে তাকে রক্তাক্ত অবস্থায় পড়ে থাকতে দেখে হাসপাতালে নিয়ে যান। সেখানে চিকিৎসক তাকে মৃত ঘোষণা করেন। পুলিশ জানায়, কিশোর গ্যাংয়ের বিরোধের জেরে এ হত্যাকাণ্ড ঘটে থাকতে পারে। ঘটনায় জড়িতদের শনাক্তে সিসিটিভি ফুটেজ পর্যালোচনা করা হচ্ছে। এ ঘটনায় নিহতের বাবা বাদী হয়ে থানায় হত্যা মামলা দায়ের করেছেন। দ্রুত আসামিদের গ্রেফতার করা হবে বলে জানিয়েছে পুলিশ।

কোয়েল পাখির

(শেষের পৃষ্ঠার পর) কোয়েল পাখির খামার করে স্বাবলম্বী হয়েছেন এক তরুণ উদ্যোক্তা। পড়াশোনা শেষে চাকরির পেছনে না ঘুরে তিনি বাড়িতে ছোট পরিসরে খামার শুরু করেন। বর্তমানে তার খামারে কয়েক হাজার কোয়েল পাখি রয়েছে। প্রতিদিন বিপুল পরিমাণ ডিম উৎপাদন হচ্ছে। স্থানীয় বাজারের চাহিদা মিটিয়ে বিভিন্ন জেলায় ডিম সরবরাহ করা হচ্ছে। তিনি জানান, কোয়েল পাখি পালনে খরচ কম এবং রোগবালাইও কম হয়। অল্প পুঁজিতে লাভজনক এ খামার করে যে কেউ স্বাবলম্বী হতে পারেন। তার সাফল্য দেখে এলাকার অনেক বেকার যুবক কোয়েল খামার গড়ে তোলার উদ্যোগ নিয়েছেন। উপজেলা প্রাণিসম্পদ কর্মকর্তা জানান, খামারিদের প্রশিক্ষণ ও পরামর্শ দেওয়া হচ্ছে। সরকারিভাবে সহজ শর্তে ঋণ সুবিধা দেওয়ার চেষ্টা করা হচ্ছে। কোয়েলের ডিম ও মাংস পুষ্টিকর হওয়ায় বাজারে এর চাহিদা দিন দিন বাড়ছে। খামারিরা জানান, সঠিক পরিচর্যা পেলে একটি কোয়েল বছরে প্রায় তিনশ ডিম দেয়। খাবারের দাম বাড়লেও লাভের পরিমাণ সন্তোষজনক। তরুণ এ উদ্যোক্তার লক্ষ্য খামারের পরিধি আরও বাড়িয়ে বেকারদের কর্মসংস্থানের সুযোগ সৃষ্টি করা।
